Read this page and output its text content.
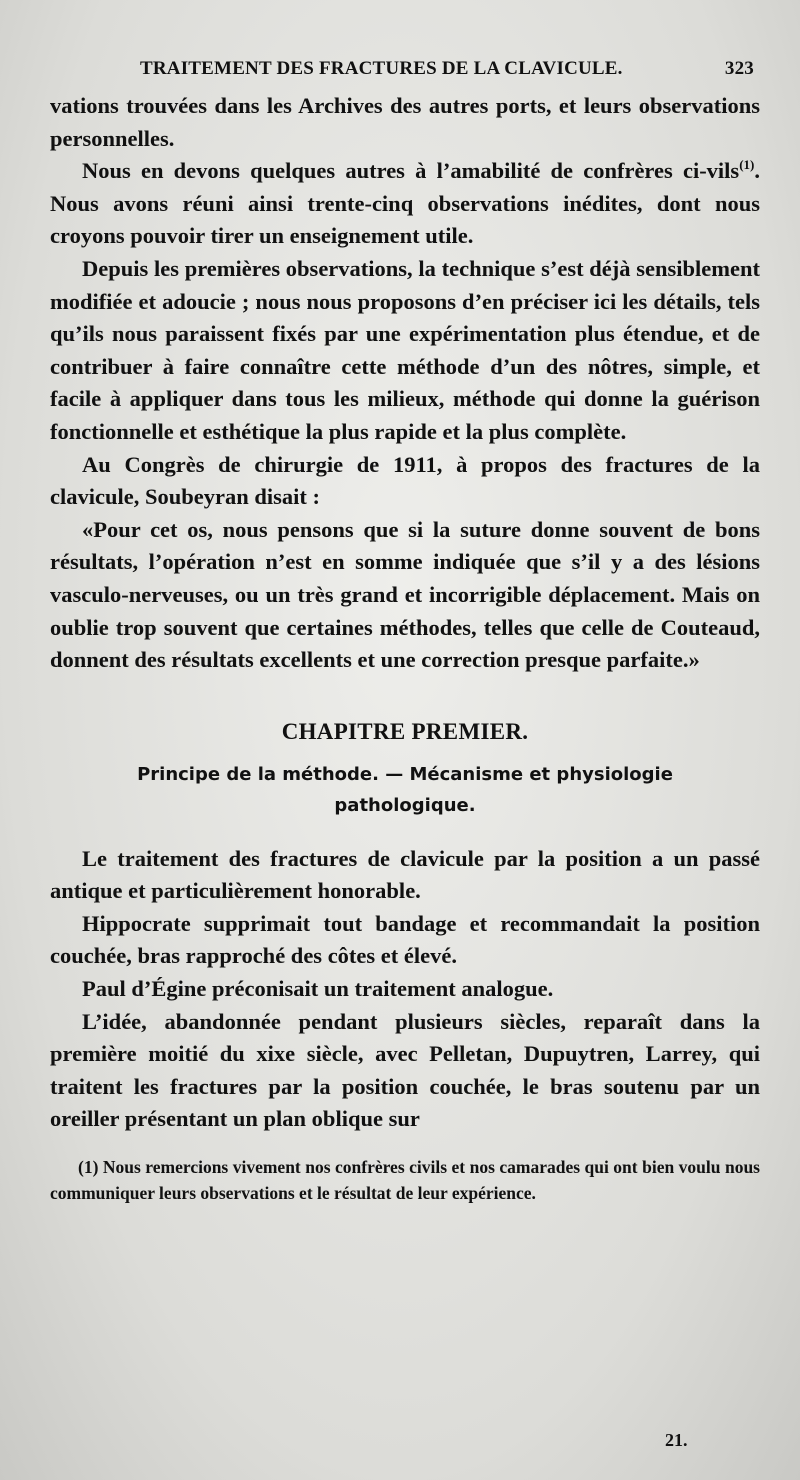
TRAITEMENT DES FRACTURES DE LA CLAVICULE.	323

vations trouvées dans les Archives des autres ports, et leurs observations personnelles.

Nous en devons quelques autres à l’amabilité de confrères ci-vils$^{(1)}$. Nous avons réuni ainsi trente-cinq observations inédites, dont nous croyons pouvoir tirer un enseignement utile.

Depuis les premières observations, la technique s’est déjà sensiblement modifiée et adoucie ; nous nous proposons d’en préciser ici les détails, tels qu’ils nous paraissent fixés par une expérimentation plus étendue, et de contribuer à faire connaître cette méthode d’un des nôtres, simple, et facile à appliquer dans tous les milieux, méthode qui donne la guérison fonctionnelle et esthétique la plus rapide et la plus complète.

Au Congrès de chirurgie de 1911, à propos des fractures de la clavicule, Soubeyran disait :

«Pour cet os, nous pensons que si la suture donne souvent de bons résultats, l’opération n’est en somme indiquée que s’il y a des lésions vasculo-nerveuses, ou un très grand et incorrigible déplacement. Mais on oublie trop souvent que certaines méthodes, telles que celle de Couteaud, donnent des résultats excellents et une correction presque parfaite.»

CHAPITRE PREMIER.
Principe de la méthode. — Mécanisme et physiologie pathologique.

Le traitement des fractures de clavicule par la position a un passé antique et particulièrement honorable.

Hippocrate supprimait tout bandage et recommandait la position couchée, bras rapproché des côtes et élevé.

Paul d’Égine préconisait un traitement analogue.

L’idée, abandonnée pendant plusieurs siècles, reparaît dans la première moitié du xixe siècle, avec Pelletan, Dupuytren, Larrey, qui traitent les fractures par la position couchée, le bras soutenu par un oreiller présentant un plan oblique sur

(1) Nous remercions vivement nos confrères civils et nos camarades qui ont bien voulu nous communiquer leurs observations et le résultat de leur expérience.
21.
